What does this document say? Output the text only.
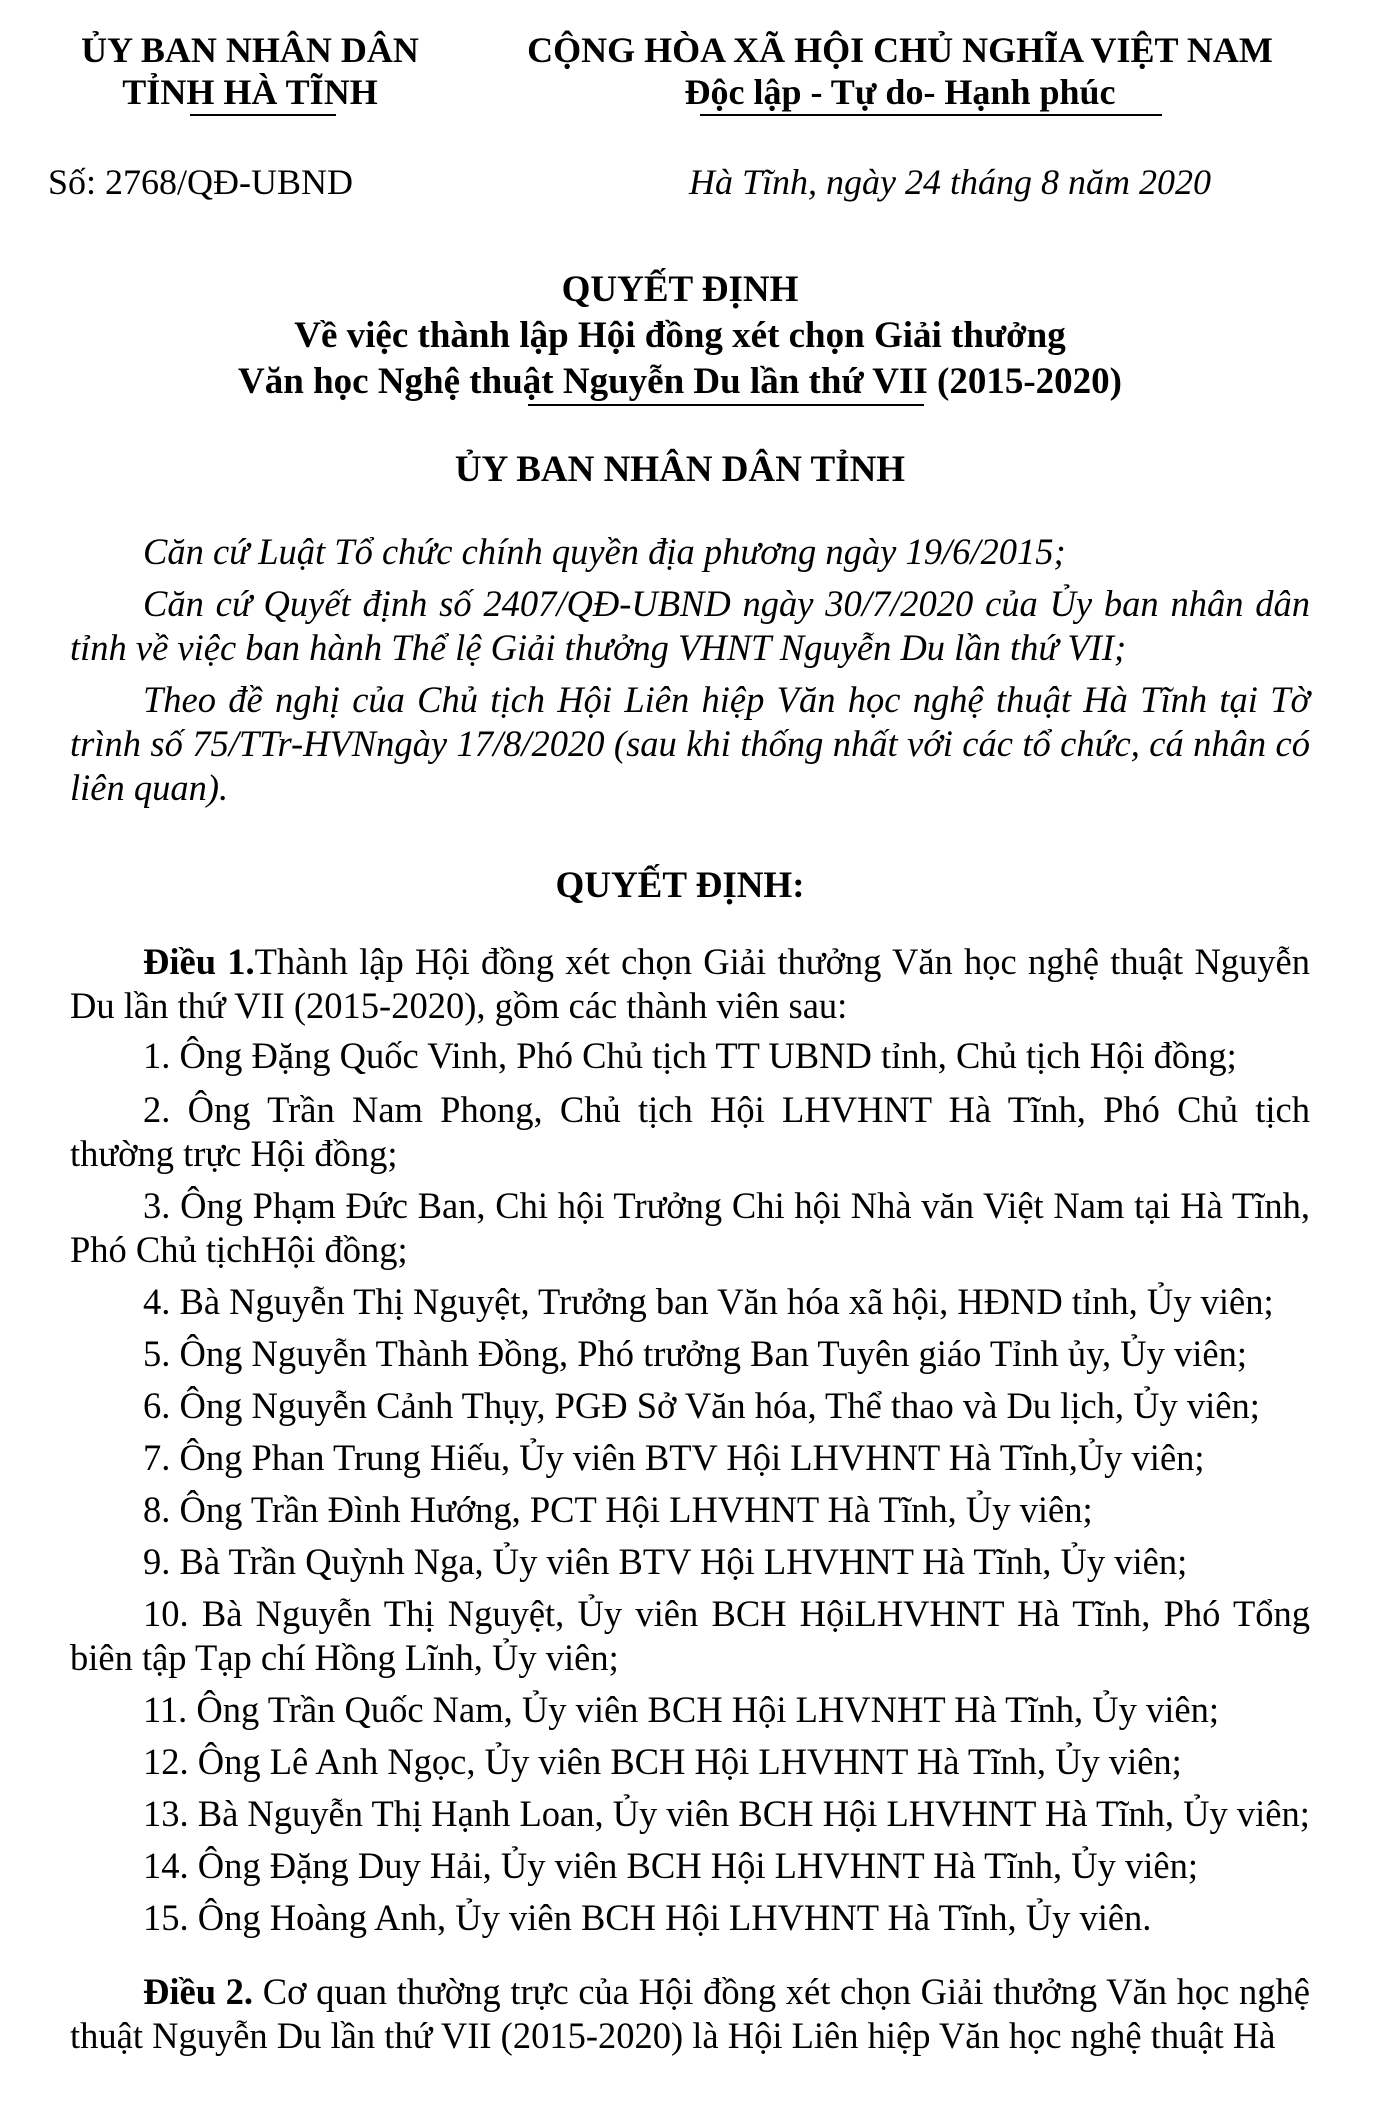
ỦY BAN NHÂN DÂN
TỈNH HÀ TĨNH
CỘNG HÒA XÃ HỘI CHỦ NGHĨA VIỆT NAM
Độc lập - Tự do- Hạnh phúc
Số: 2768/QĐ-UBND	Hà Tĩnh, ngày 24 tháng 8 năm 2020
QUYẾT ĐỊNH
Về việc thành lập Hội đồng xét chọn Giải thưởng
Văn học Nghệ thuật Nguyễn Du lần thứ VII (2015-2020)
ỦY BAN NHÂN DÂN TỈNH
Căn cứ Luật Tổ chức chính quyền địa phương ngày 19/6/2015;
Căn cứ Quyết định số 2407/QĐ-UBND ngày 30/7/2020 của Ủy ban nhân dân tỉnh về việc ban hành Thể lệ Giải thưởng VHNT Nguyễn Du lần thứ VII;
Theo đề nghị của Chủ tịch Hội Liên hiệp Văn học nghệ thuật Hà Tĩnh tại Tờ trình số 75/TTr-HVNngày 17/8/2020 (sau khi thống nhất với các tổ chức, cá nhân có liên quan).
QUYẾT ĐỊNH:
Điều 1.Thành lập Hội đồng xét chọn Giải thưởng Văn học nghệ thuật Nguyễn Du lần thứ VII (2015-2020), gồm các thành viên sau:
1. Ông Đặng Quốc Vinh, Phó Chủ tịch TT UBND tỉnh, Chủ tịch Hội đồng;
2. Ông Trần Nam Phong, Chủ tịch Hội LHVHNT Hà Tĩnh, Phó Chủ tịch thường trực Hội đồng;
3. Ông Phạm Đức Ban, Chi hội Trưởng Chi hội Nhà văn Việt Nam tại Hà Tĩnh, Phó Chủ tịchHội đồng;
4. Bà Nguyễn Thị Nguyệt, Trưởng ban Văn hóa xã hội, HĐND tỉnh, Ủy viên;
5. Ông Nguyễn Thành Đồng, Phó trưởng Ban Tuyên giáo Tỉnh ủy, Ủy viên;
6. Ông Nguyễn Cảnh Thụy, PGĐ Sở Văn hóa, Thể thao và Du lịch, Ủy viên;
7. Ông Phan Trung Hiếu, Ủy viên BTV Hội LHVHNT Hà Tĩnh,Ủy viên;
8. Ông Trần Đình Hướng, PCT Hội LHVHNT Hà Tĩnh, Ủy viên;
9. Bà Trần Quỳnh Nga, Ủy viên BTV Hội LHVHNT Hà Tĩnh, Ủy viên;
10. Bà Nguyễn Thị Nguyệt, Ủy viên BCH HộiLHVHNT Hà Tĩnh, Phó Tổng biên tập Tạp chí Hồng Lĩnh, Ủy viên;
11. Ông Trần Quốc Nam, Ủy viên BCH Hội LHVNHT Hà Tĩnh, Ủy viên;
12. Ông Lê Anh Ngọc, Ủy viên BCH Hội LHVHNT Hà Tĩnh, Ủy viên;
13. Bà Nguyễn Thị Hạnh Loan, Ủy viên BCH Hội LHVHNT Hà Tĩnh, Ủy viên;
14. Ông Đặng Duy Hải, Ủy viên BCH Hội LHVHNT Hà Tĩnh, Ủy viên;
15. Ông Hoàng Anh, Ủy viên BCH Hội LHVHNT Hà Tĩnh, Ủy viên.
Điều 2. Cơ quan thường trực của Hội đồng xét chọn Giải thưởng Văn học nghệ thuật Nguyễn Du lần thứ VII (2015-2020) là Hội Liên hiệp Văn học nghệ thuật Hà
